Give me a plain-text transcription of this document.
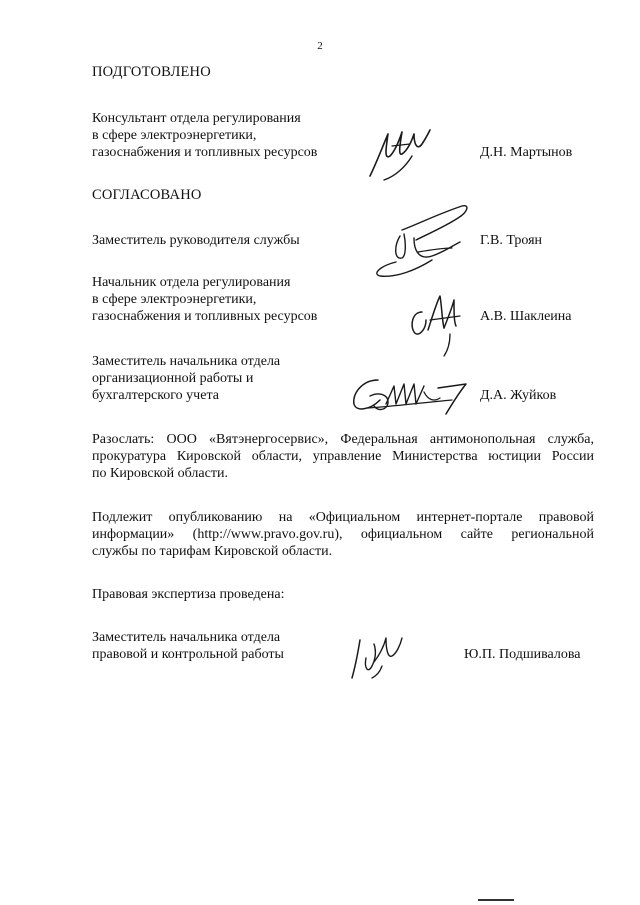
2
ПОДГОТОВЛЕНО
Консультант отдела регулирования
в сфере электроэнергетики,
газоснабжения и топливных ресурсов	Д.Н. Мартынов
СОГЛАСОВАНО
Заместитель руководителя службы	Г.В. Троян
Начальник отдела регулирования
в сфере электроэнергетики,
газоснабжения и топливных ресурсов	А.В. Шаклеина
Заместитель начальника отдела
организационной работы и
бухгалтерского учета	Д.А. Жуйков
Разослать: ООО «Вятэнергосервис», Федеральная антимонопольная служба,
прокуратура Кировской области, управление Министерства юстиции России
по Кировской области.
Подлежит опубликованию на «Официальном интернет-портале правовой
информации» (http://www.pravo.gov.ru), официальном сайте региональной
службы по тарифам Кировской области.
Правовая экспертиза проведена:
Заместитель начальника отдела
правовой и контрольной работы	Ю.П. Подшивалова
